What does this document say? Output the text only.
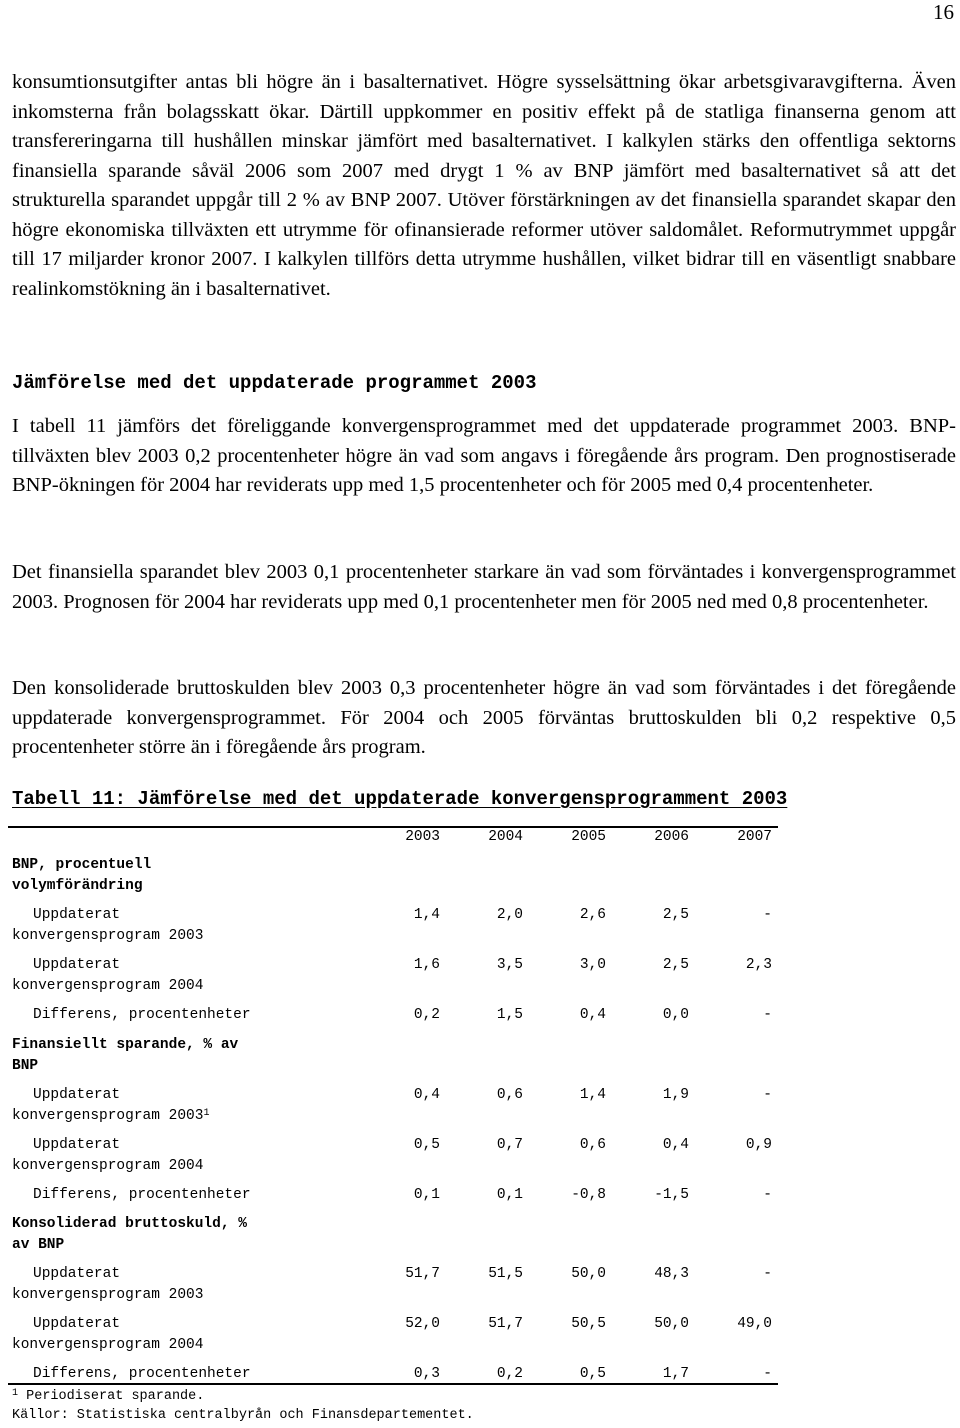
16

konsumtionsutgifter antas bli högre än i basalternativet. Högre sysselsättning ökar arbetsgivaravgifterna. Även inkomsterna från bolagsskatt ökar. Därtill uppkommer en positiv effekt på de statliga finanserna genom att transfereringarna till hushållen minskar jämfört med basalternativet. I kalkylen stärks den offentliga sektorns finansiella sparande såväl 2006 som 2007 med drygt 1 % av BNP jämfört med basalternativet så att det strukturella sparandet uppgår till 2 % av BNP 2007. Utöver förstärkningen av det finansiella sparandet skapar den högre ekonomiska tillväxten ett utrymme för ofinansierade reformer utöver saldomålet. Reformutrymmet uppgår till 17 miljarder kronor 2007. I kalkylen tillförs detta utrymme hushållen, vilket bidrar till en väsentligt snabbare realinkomstökning än i basalternativet.

Jämförelse med det uppdaterade programmet 2003

I tabell 11 jämförs det föreliggande konvergensprogrammet med det uppdaterade programmet 2003. BNP-tillväxten blev 2003 0,2 procentenheter högre än vad som angavs i föregående års program. Den prognostiserade BNP-ökningen för 2004 har reviderats upp med 1,5 procentenheter och för 2005 med 0,4 procentenheter.

Det finansiella sparandet blev 2003 0,1 procentenheter starkare än vad som förväntades i konvergensprogrammet 2003. Prognosen för 2004 har reviderats upp med 0,1 procentenheter men för 2005 ned med 0,8 procentenheter.

Den konsoliderade bruttoskulden blev 2003 0,3 procentenheter högre än vad som förväntades i det föregående uppdaterade konvergensprogrammet. För 2004 och 2005 förväntas bruttoskulden bli 0,2 respektive 0,5 procentenheter större än i föregående års program.

Tabell 11: Jämförelse med det uppdaterade konvergensprogramment 2003
2003	2004	2005	2006	2007
BNP, procentuell
volymförändring
Uppdaterat
konvergensprogram 2003
1,4	2,0	2,6	2,5	-
Uppdaterat
konvergensprogram 2004
1,6	3,5	3,0	2,5	2,3
Differens, procentenheter	0,2	1,5	0,4	0,0	-
Finansiellt sparande, % av
BNP
Uppdaterat
konvergensprogram 2003$^1$
0,4	0,6	1,4	1,9	-
Uppdaterat
konvergensprogram 2004
0,5	0,7	0,6	0,4	0,9
Differens, procentenheter	0,1	0,1	-0,8	-1,5	-
Konsoliderad bruttoskuld, %
av BNP
Uppdaterat
konvergensprogram 2003
51,7	51,5	50,0	48,3	-
Uppdaterat
konvergensprogram 2004
52,0	51,7	50,5	50,0	49,0
Differens, procentenheter	0,3	0,2	0,5	1,7	-
$^1$ Periodiserat sparande.
Källor: Statistiska centralbyrån och Finansdepartementet.
